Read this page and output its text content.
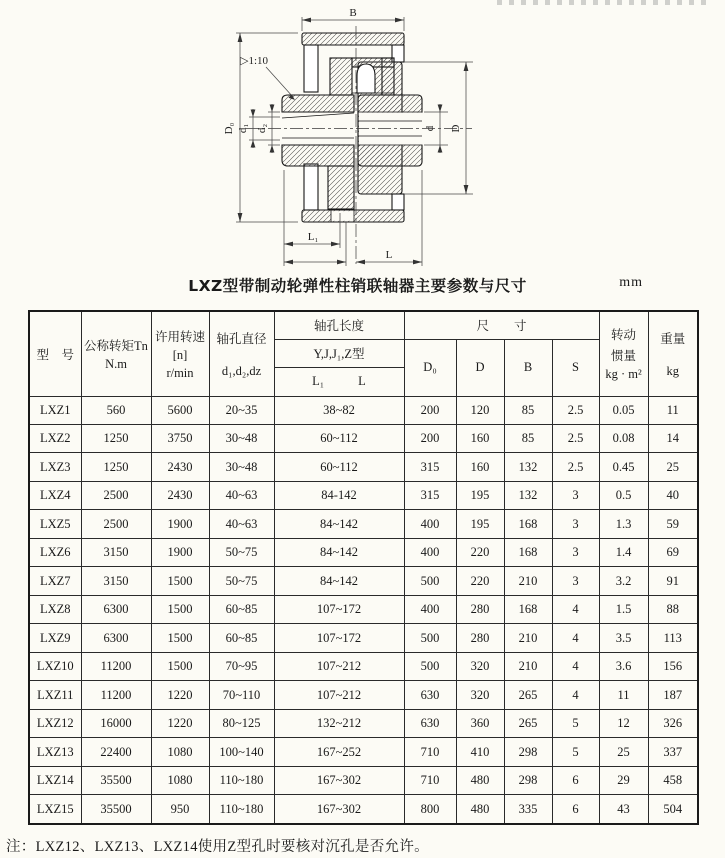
B
▷1:10
D₀ d₁ d₂	d D
L₁
L
LXZ型带制动轮弹性柱销联轴器主要参数与尺寸	mm
型　号	公称转矩Tn
N.m	许用转速
[n]
r/min	轴孔直径
d₁,d₂,dz	轴孔长度	尺　　寸				转动
惯量
kg · m²	重量
kg

				Y,J,J₁,Z型	D₀	D	B	S		

				L₁ L						

LXZ1	560	5600	20~35	38~82	200	120	85	2.5	0.05	11
LXZ2	1250	3750	30~48	60~112	200	160	85	2.5	0.08	14
LXZ3	1250	2430	30~48	60~112	315	160	132	2.5	0.45	25
LXZ4	2500	2430	40~63	84-142	315	195	132	3	0.5	40
LXZ5	2500	1900	40~63	84~142	400	195	168	3	1.3	59
LXZ6	3150	1900	50~75	84~142	400	220	168	3	1.4	69
LXZ7	3150	1500	50~75	84~142	500	220	210	3	3.2	91
LXZ8	6300	1500	60~85	107~172	400	280	168	4	1.5	88
LXZ9	6300	1500	60~85	107~172	500	280	210	4	3.5	113
LXZ10	11200	1500	70~95	107~212	500	320	210	4	3.6	156
LXZ11	11200	1220	70~110	107~212	630	320	265	4	11	187
LXZ12	16000	1220	80~125	132~212	630	360	265	5	12	326
LXZ13	22400	1080	100~140	167~252	710	410	298	5	25	337
LXZ14	35500	1080	110~180	167~302	710	480	298	6	29	458
LXZ15	35500	950	110~180	167~302	800	480	335	6	43	504
注：LXZ12、LXZ13、LXZ14使用Z型孔时要核对沉孔是否允许。
